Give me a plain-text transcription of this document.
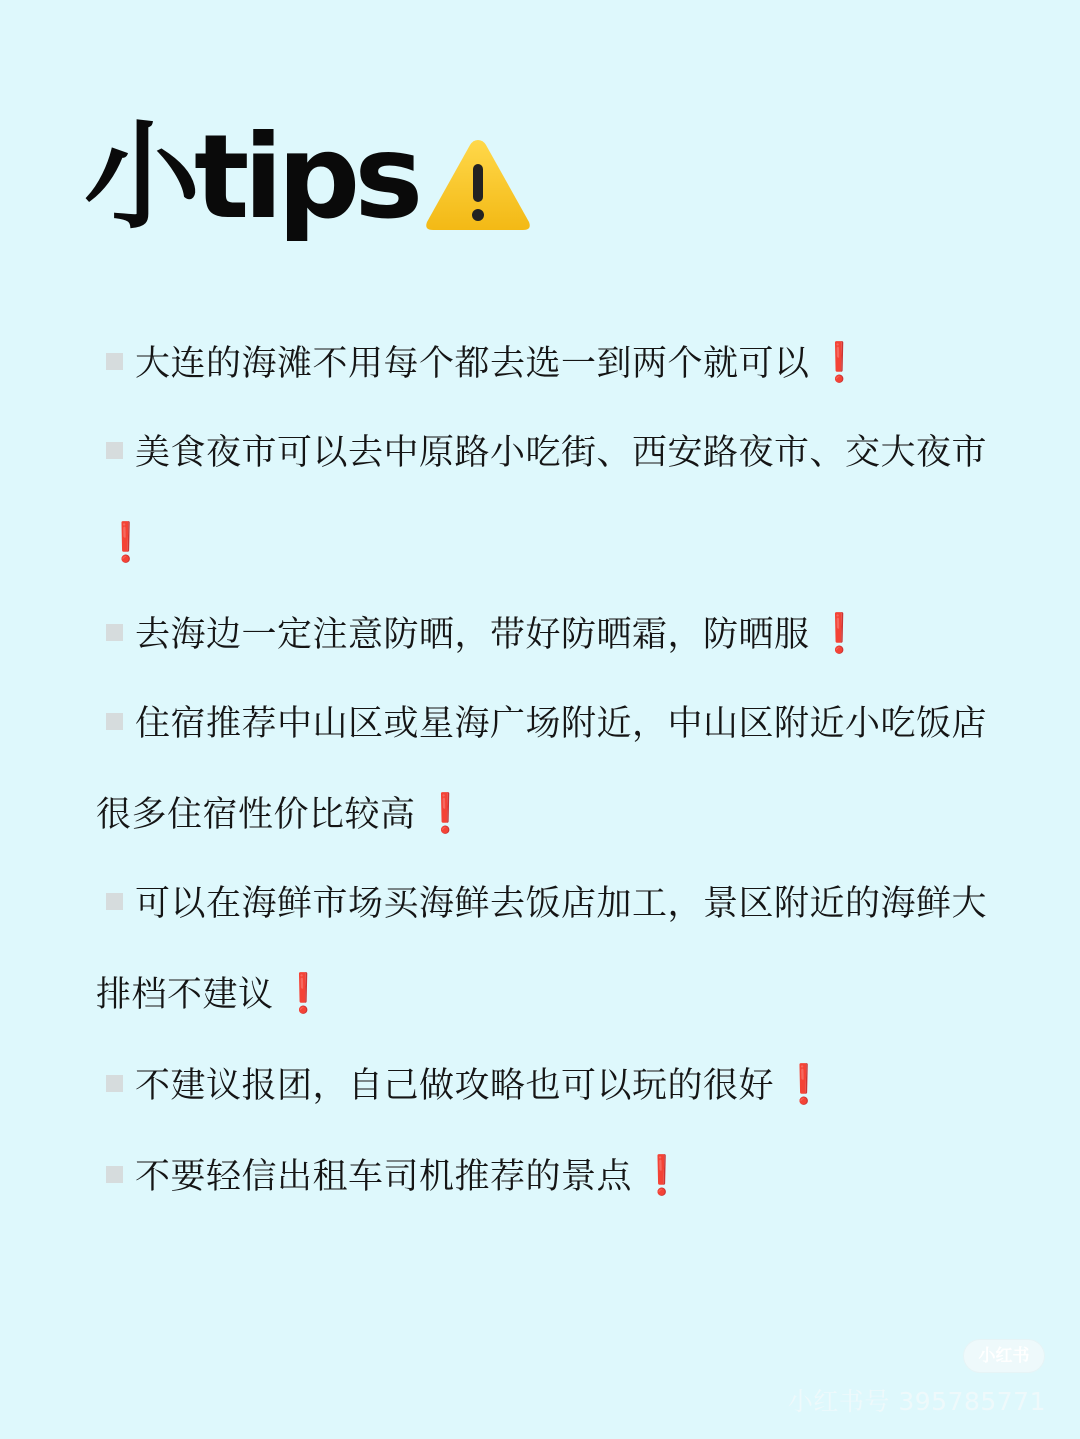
小tips
大连的海滩不用每个都去选一到两个就可以 ❗
美食夜市可以去中原路小吃街、西安路夜市、交大夜市❗
去海边一定注意防晒，带好防晒霜，防晒服 ❗
住宿推荐中山区或星海广场附近，中山区附近小吃饭店很多住宿性价比较高 ❗
可以在海鲜市场买海鲜去饭店加工，景区附近的海鲜大排档不建议 ❗
不建议报团，自己做攻略也可以玩的很好 ❗
不要轻信出租车司机推荐的景点 ❗
小红书
小红书号 395785771
